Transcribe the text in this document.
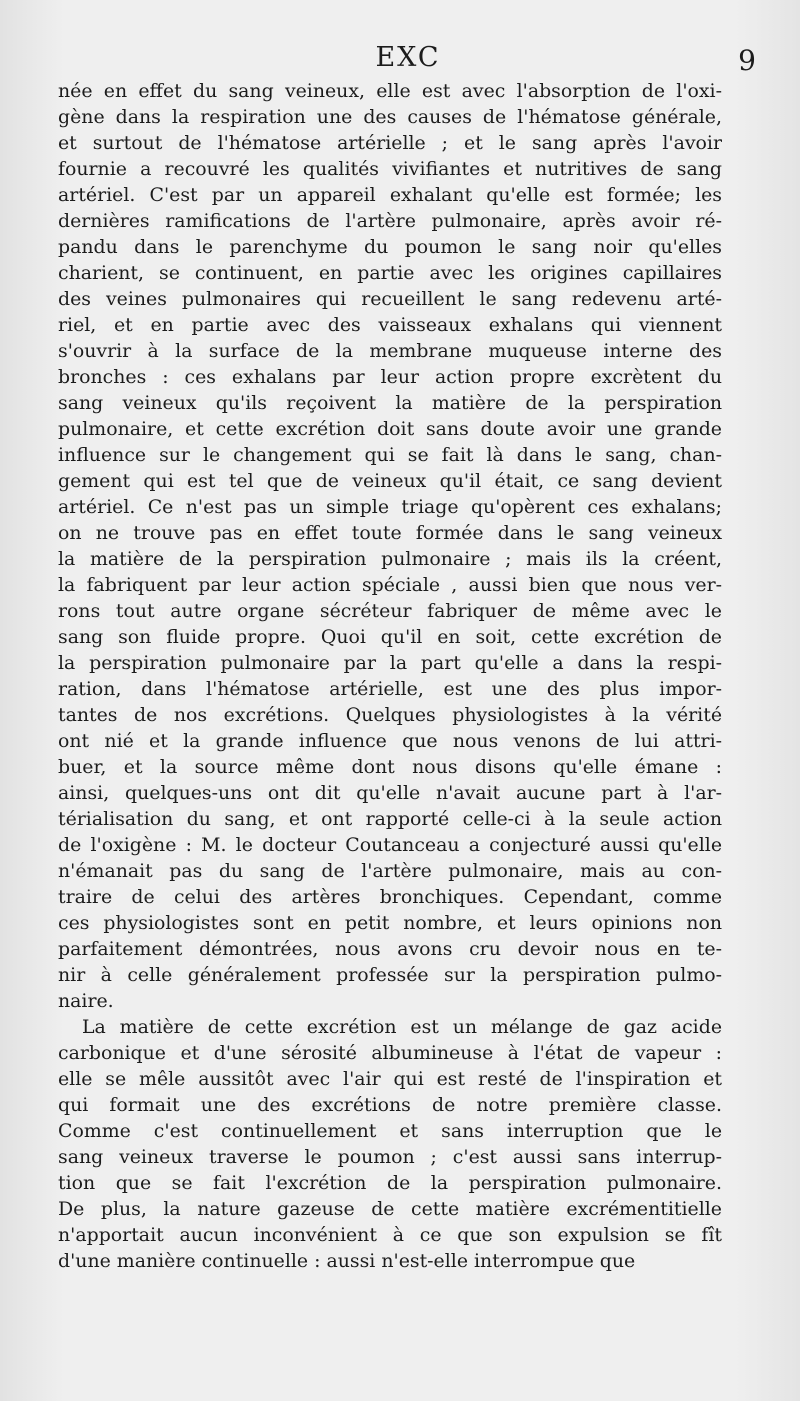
EXC	9
née en effet du sang veineux, elle est avec l'absorption de l'oxi-
gène dans la respiration une des causes de l'hématose générale,
et surtout de l'hématose artérielle ; et le sang après l'avoir
fournie a recouvré les qualités vivifiantes et nutritives de sang
artériel. C'est par un appareil exhalant qu'elle est formée; les
dernières ramifications de l'artère pulmonaire, après avoir ré-
pandu dans le parenchyme du poumon le sang noir qu'elles
charient, se continuent, en partie avec les origines capillaires
des veines pulmonaires qui recueillent le sang redevenu arté-
riel, et en partie avec des vaisseaux exhalans qui viennent
s'ouvrir à la surface de la membrane muqueuse interne des
bronches : ces exhalans par leur action propre excrètent du
sang veineux qu'ils reçoivent la matière de la perspiration
pulmonaire, et cette excrétion doit sans doute avoir une grande
influence sur le changement qui se fait là dans le sang, chan-
gement qui est tel que de veineux qu'il était, ce sang devient
artériel. Ce n'est pas un simple triage qu'opèrent ces exhalans;
on ne trouve pas en effet toute formée dans le sang veineux
la matière de la perspiration pulmonaire ; mais ils la créent,
la fabriquent par leur action spéciale , aussi bien que nous ver-
rons tout autre organe sécréteur fabriquer de même avec le
sang son fluide propre. Quoi qu'il en soit, cette excrétion de
la perspiration pulmonaire par la part qu'elle a dans la respi-
ration, dans l'hématose artérielle, est une des plus impor-
tantes de nos excrétions. Quelques physiologistes à la vérité
ont nié et la grande influence que nous venons de lui attri-
buer, et la source même dont nous disons qu'elle émane :
ainsi, quelques-uns ont dit qu'elle n'avait aucune part à l'ar-
térialisation du sang, et ont rapporté celle-ci à la seule action
de l'oxigène : M. le docteur Coutanceau a conjecturé aussi qu'elle
n'émanait pas du sang de l'artère pulmonaire, mais au con-
traire de celui des artères bronchiques. Cependant, comme
ces physiologistes sont en petit nombre, et leurs opinions non
parfaitement démontrées, nous avons cru devoir nous en te-
nir à celle généralement professée sur la perspiration pulmo-
naire.
La matière de cette excrétion est un mélange de gaz acide
carbonique et d'une sérosité albumineuse à l'état de vapeur :
elle se mêle aussitôt avec l'air qui est resté de l'inspiration et
qui formait une des excrétions de notre première classe.
Comme c'est continuellement et sans interruption que le
sang veineux traverse le poumon ; c'est aussi sans interrup-
tion que se fait l'excrétion de la perspiration pulmonaire.
De plus, la nature gazeuse de cette matière excrémentitielle
n'apportait aucun inconvénient à ce que son expulsion se fît
d'une manière continuelle : aussi n'est-elle interrompue que
